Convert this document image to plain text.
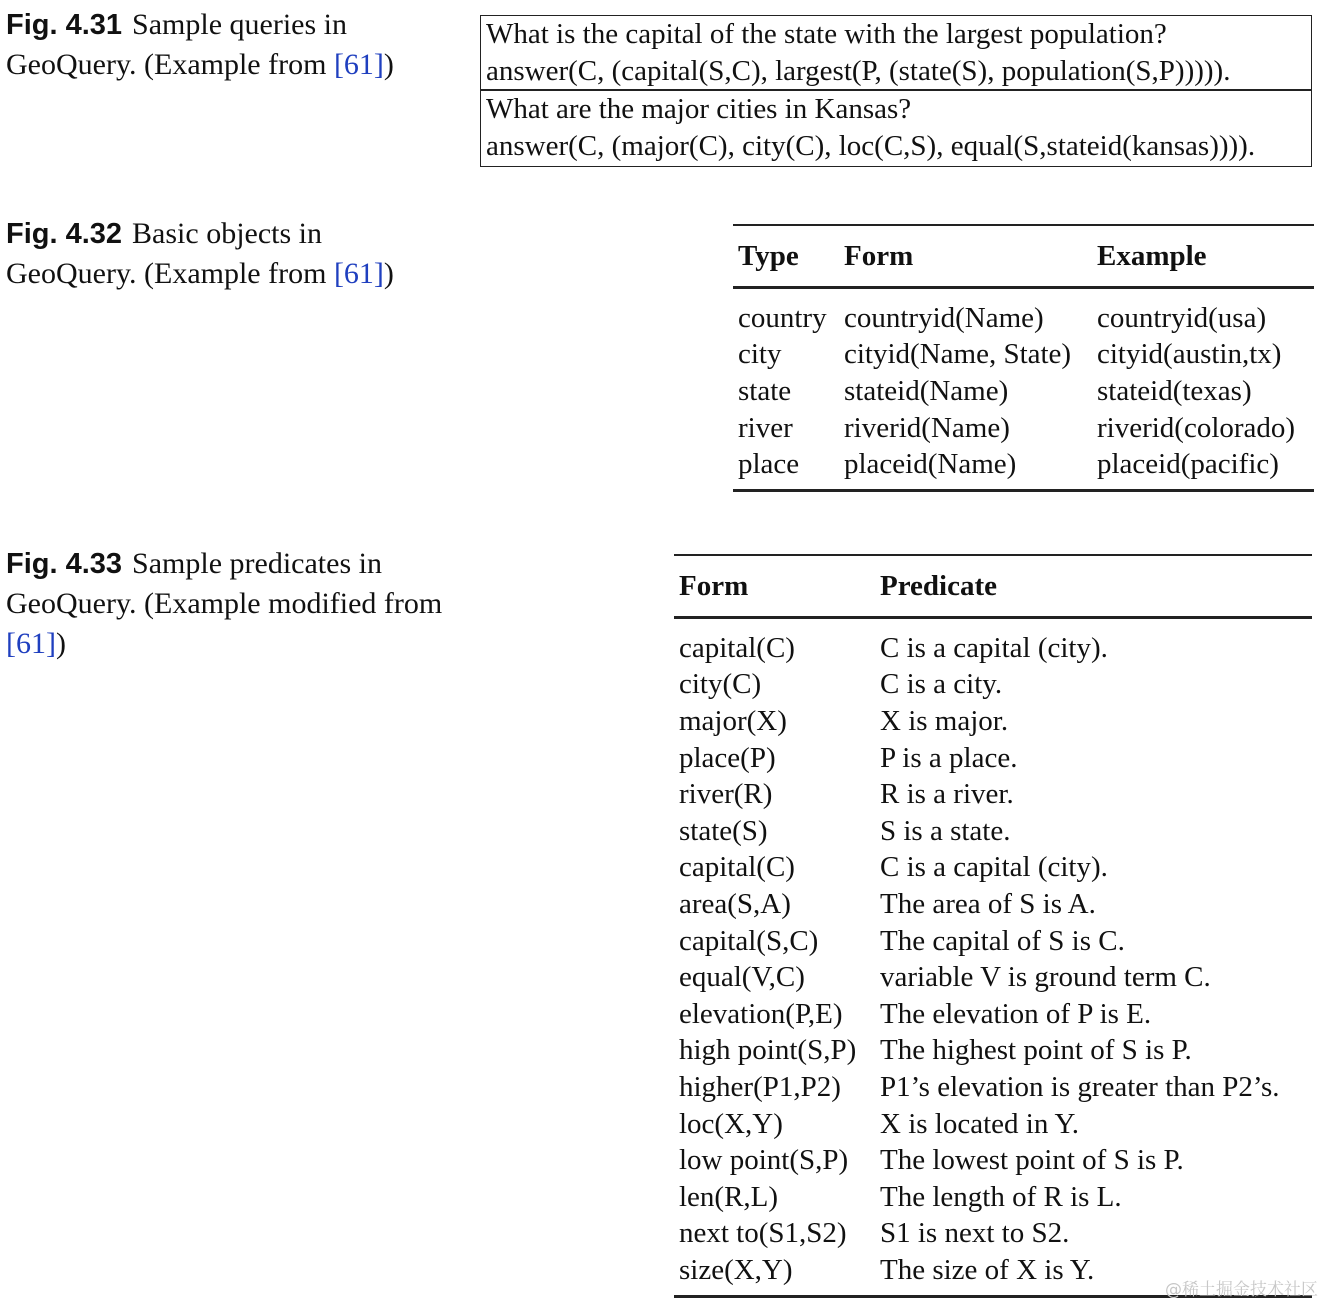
Fig. 4.31 Sample queries in GeoQuery. (Example from [61])
Fig. 4.32 Basic objects in GeoQuery. (Example from [61])
Fig. 4.33 Sample predicates in GeoQuery. (Example modified from [61])
What is the capital of the state with the largest population?
answer(C, (capital(S,C), largest(P, (state(S), population(S,P))))).
What are the major cities in Kansas?
answer(C, (major(C), city(C), loc(C,S), equal(S,stateid(kansas)))).
Type	Form	Example
country	countryid(Name)	countryid(usa)
city	cityid(Name, State)	cityid(austin,tx)
state	stateid(Name)	stateid(texas)
river	riverid(Name)	riverid(colorado)
place	placeid(Name)	placeid(pacific)
Form	Predicate
capital(C)	C is a capital (city).
city(C)	C is a city.
major(X)	X is major.
place(P)	P is a place.
river(R)	R is a river.
state(S)	S is a state.
capital(C)	C is a capital (city).
area(S,A)	The area of S is A.
capital(S,C)	The capital of S is C.
equal(V,C)	variable V is ground term C.
elevation(P,E)	The elevation of P is E.
high point(S,P)	The highest point of S is P.
higher(P1,P2)	P1’s elevation is greater than P2’s.
loc(X,Y)	X is located in Y.
low point(S,P)	The lowest point of S is P.
len(R,L)	The length of R is L.
next to(S1,S2)	S1 is next to S2.
size(X,Y)	The size of X is Y.
@稀土掘金技术社区
